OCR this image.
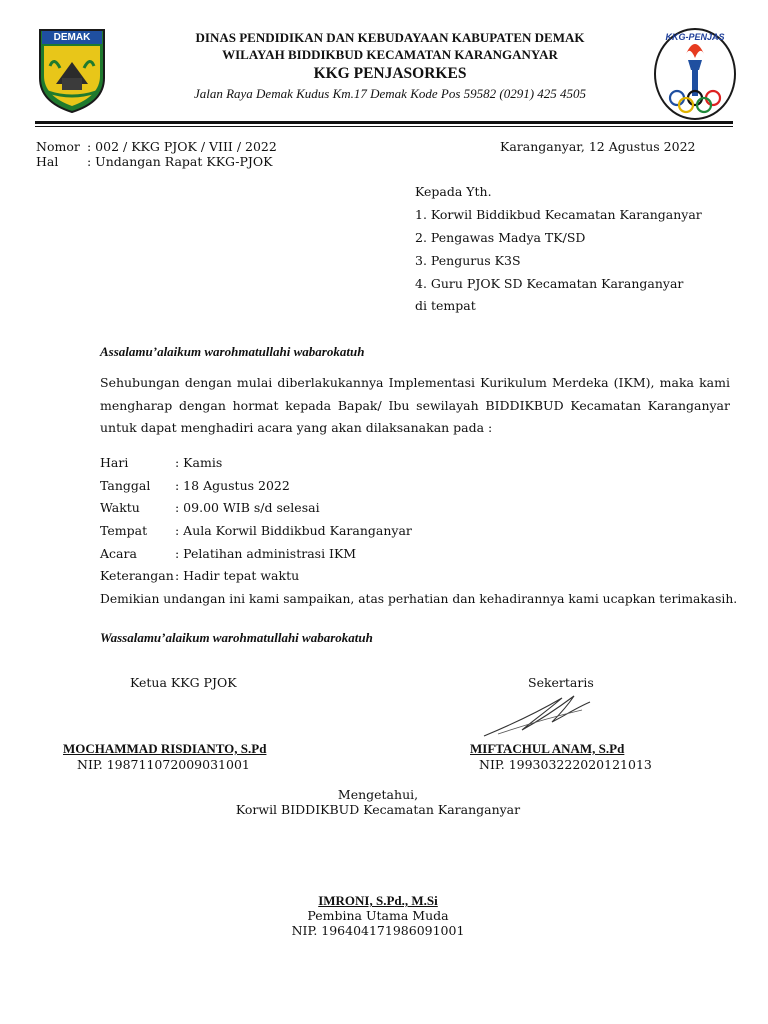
DEMAK	KKG-PENJAS
DINAS PENDIDIKAN DAN KEBUDAYAAN KABUPATEN DEMAK
WILAYAH BIDDIKBUD KECAMATAN KARANGANYAR
KKG PENJASORKES
Jalan Raya Demak Kudus Km.17 Demak Kode Pos 59582 (0291) 425 4505
Nomor : 002 / KKG PJOK / VIII / 2022
Hal : Undangan Rapat KKG-PJOK
Karanganyar, 12 Agustus 2022
Kepada Yth.
1. Korwil Biddikbud Kecamatan Karanganyar
2. Pengawas Madya TK/SD
3. Pengurus K3S
4. Guru PJOK SD Kecamatan Karanganyar
di tempat
Assalamu’alaikum warohmatullahi wabarokatuh
Sehubungan dengan mulai diberlakukannya Implementasi Kurikulum Merdeka (IKM), maka kami mengharap dengan hormat kepada Bapak/ Ibu sewilayah BIDDIKBUD Kecamatan Karanganyar untuk dapat menghadiri acara yang akan dilaksanakan pada :
Hari	: Kamis
Tanggal : 18 Agustus 2022
Waktu	: 09.00 WIB s/d selesai
Tempat : Aula Korwil Biddikbud Karanganyar
Acara	: Pelatihan administrasi IKM
Keterangan: Hadir tepat waktu
Demikian undangan ini kami sampaikan, atas perhatian dan kehadirannya kami ucapkan terimakasih.
Wassalamu’alaikum warohmatullahi wabarokatuh
Ketua KKG PJOK	Sekertaris
MOCHAMMAD RISDIANTO, S.Pd
NIP. 198711072009031001
MIFTACHUL ANAM, S.Pd
NIP. 199303222020121013
Mengetahui,
Korwil BIDDIKBUD Kecamatan Karanganyar
IMRONI, S.Pd., M.Si
Pembina Utama Muda
NIP. 196404171986091001
